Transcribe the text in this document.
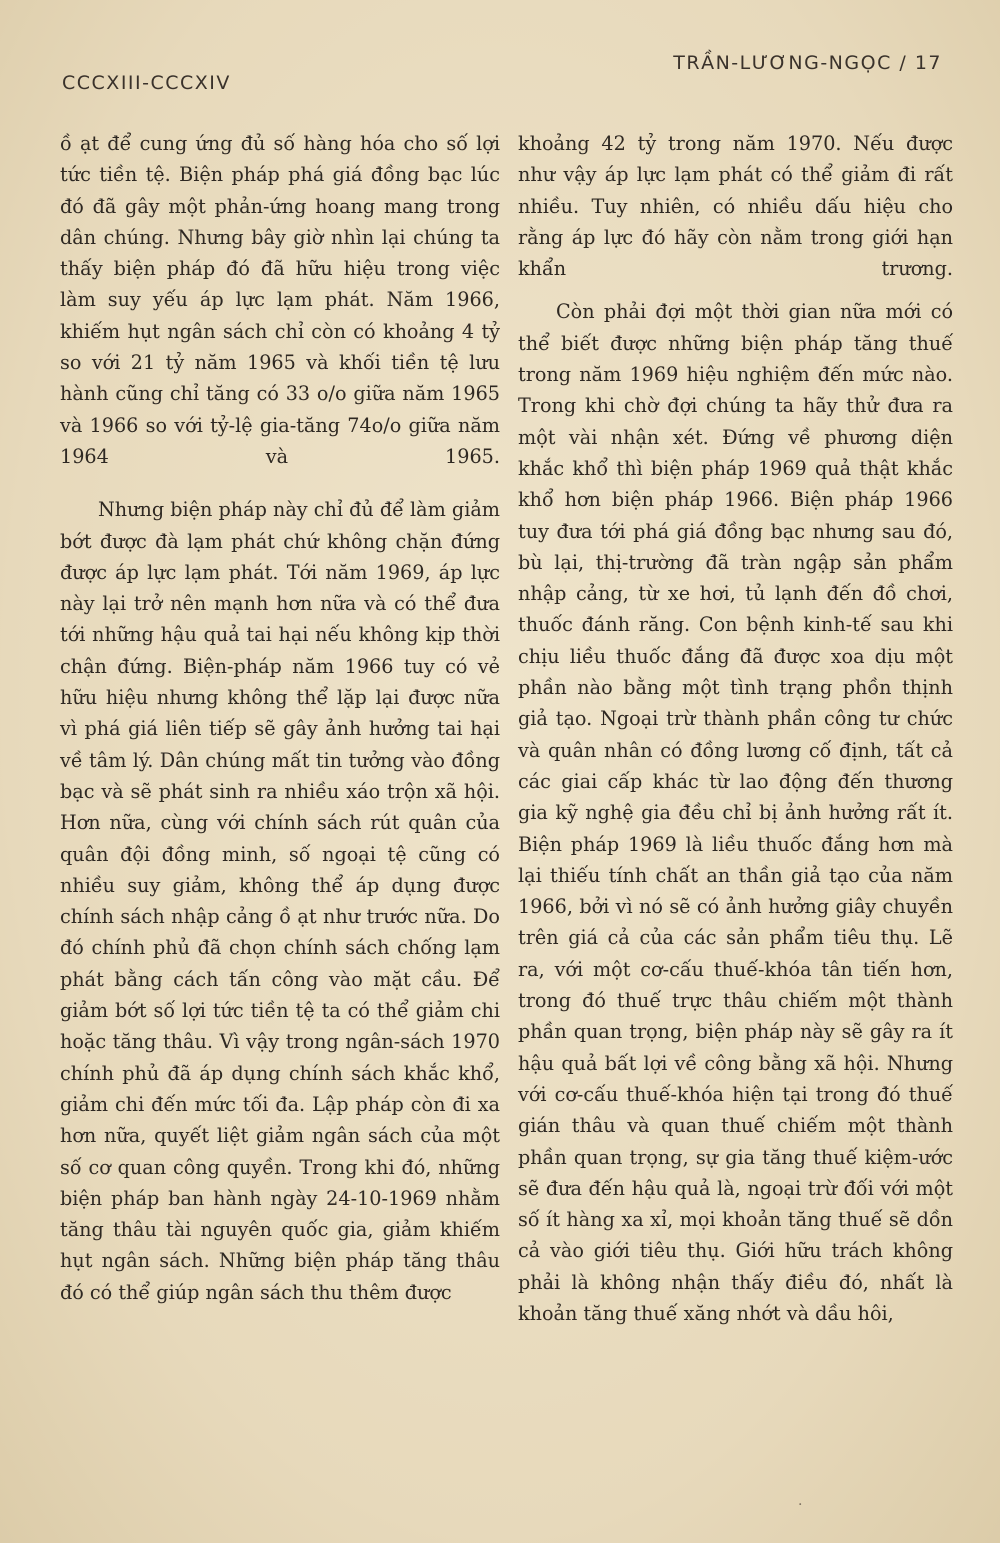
CCCXIII-CCCXIV
TRẦN-LƯƠNG-NGỌC / 17

ồ ạt để cung ứng đủ số hàng hóa cho số lợi tức tiền tệ. Biện pháp phá giá đồng bạc lúc đó đã gây một phản-ứng hoang mang trong dân chúng. Nhưng bây giờ nhìn lại chúng ta thấy biện pháp đó đã hữu hiệu trong việc làm suy yếu áp lực lạm phát. Năm 1966, khiếm hụt ngân sách chỉ còn có khoảng 4 tỷ so với 21 tỷ năm 1965 và khối tiền tệ lưu hành cũng chỉ tăng có 33 o/o giữa năm 1965 và 1966 so với tỷ-lệ gia-tăng 74o/o giữa năm 1964 và 1965.

Nhưng biện pháp này chỉ đủ để làm giảm bớt được đà lạm phát chứ không chặn đứng được áp lực lạm phát. Tới năm 1969, áp lực này lại trở nên mạnh hơn nữa và có thể đưa tới những hậu quả tai hại nếu không kịp thời chận đứng. Biện-pháp năm 1966 tuy có vẻ hữu hiệu nhưng không thể lặp lại được nữa vì phá giá liên tiếp sẽ gây ảnh hưởng tai hại về tâm lý. Dân chúng mất tin tưởng vào đồng bạc và sẽ phát sinh ra nhiều xáo trộn xã hội. Hơn nữa, cùng với chính sách rút quân của quân đội đồng minh, số ngoại tệ cũng có nhiều suy giảm, không thể áp dụng được chính sách nhập cảng ồ ạt như trước nữa. Do đó chính phủ đã chọn chính sách chống lạm phát bằng cách tấn công vào mặt cầu. Để giảm bớt số lợi tức tiền tệ ta có thể giảm chi hoặc tăng thâu. Vì vậy trong ngân-sách 1970 chính phủ đã áp dụng chính sách khắc khổ, giảm chi đến mức tối đa. Lập pháp còn đi xa hơn nữa, quyết liệt giảm ngân sách của một số cơ quan công quyền. Trong khi đó, những biện pháp ban hành ngày 24-10-1969 nhằm tăng thâu tài nguyên quốc gia, giảm khiếm hụt ngân sách. Những biện pháp tăng thâu đó có thể giúp ngân sách thu thêm được

khoảng 42 tỷ trong năm 1970. Nếu được như vậy áp lực lạm phát có thể giảm đi rất nhiều. Tuy nhiên, có nhiều dấu hiệu cho rằng áp lực đó hãy còn nằm trong giới hạn khẩn trương.

Còn phải đợi một thời gian nữa mới có thể biết được những biện pháp tăng thuế trong năm 1969 hiệu nghiệm đến mức nào. Trong khi chờ đợi chúng ta hãy thử đưa ra một vài nhận xét. Đứng về phương diện khắc khổ thì biện pháp 1969 quả thật khắc khổ hơn biện pháp 1966. Biện pháp 1966 tuy đưa tới phá giá đồng bạc nhưng sau đó, bù lại, thị-trường đã tràn ngập sản phẩm nhập cảng, từ xe hơi, tủ lạnh đến đồ chơi, thuốc đánh răng. Con bệnh kinh-tế sau khi chịu liều thuốc đắng đã được xoa dịu một phần nào bằng một tình trạng phồn thịnh giả tạo. Ngoại trừ thành phần công tư chức và quân nhân có đồng lương cố định, tất cả các giai cấp khác từ lao động đến thương gia kỹ nghệ gia đều chỉ bị ảnh hưởng rất ít. Biện pháp 1969 là liều thuốc đắng hơn mà lại thiếu tính chất an thần giả tạo của năm 1966, bởi vì nó sẽ có ảnh hưởng giây chuyền trên giá cả của các sản phẩm tiêu thụ. Lẽ ra, với một cơ-cấu thuế-khóa tân tiến hơn, trong đó thuế trực thâu chiếm một thành phần quan trọng, biện pháp này sẽ gây ra ít hậu quả bất lợi về công bằng xã hội. Nhưng với cơ-cấu thuế-khóa hiện tại trong đó thuế gián thâu và quan thuế chiếm một thành phần quan trọng, sự gia tăng thuế kiệm-ước sẽ đưa đến hậu quả là, ngoại trừ đối với một số ít hàng xa xỉ, mọi khoản tăng thuế sẽ dồn cả vào giới tiêu thụ. Giới hữu trách không phải là không nhận thấy điều đó, nhất là khoản tăng thuế xăng nhớt và dầu hôi,

·
